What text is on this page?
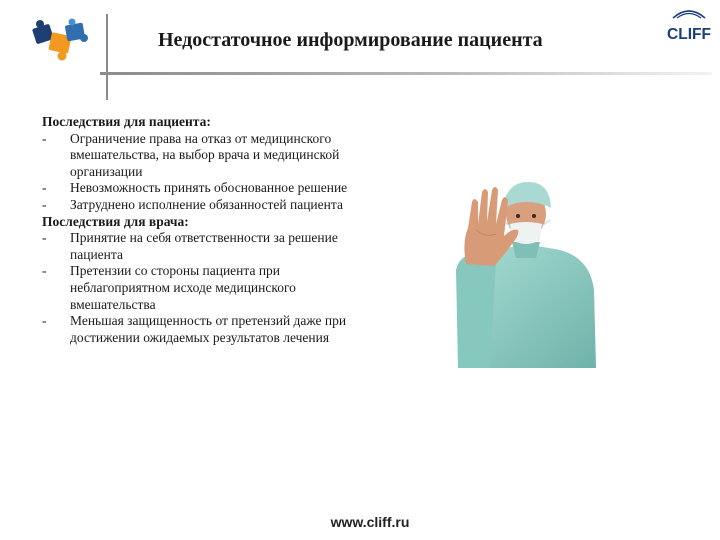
Недостаточное информирование пациента	CLIFF
Последствия для пациента:
-	Ограничение права на отказ от медицинского вмешательства, на выбор врача и медицинской организации
-	Невозможность принять обоснованное решение
-	Затруднено исполнение обязанностей пациента
Последствия для врача:
-	Принятие на себя ответственности за решение пациента
-	Претензии со стороны пациента при неблагоприятном исходе медицинского вмешательства
-	Меньшая защищенность от претензий даже при достижении ожидаемых результатов лечения
www.cliff.ru
